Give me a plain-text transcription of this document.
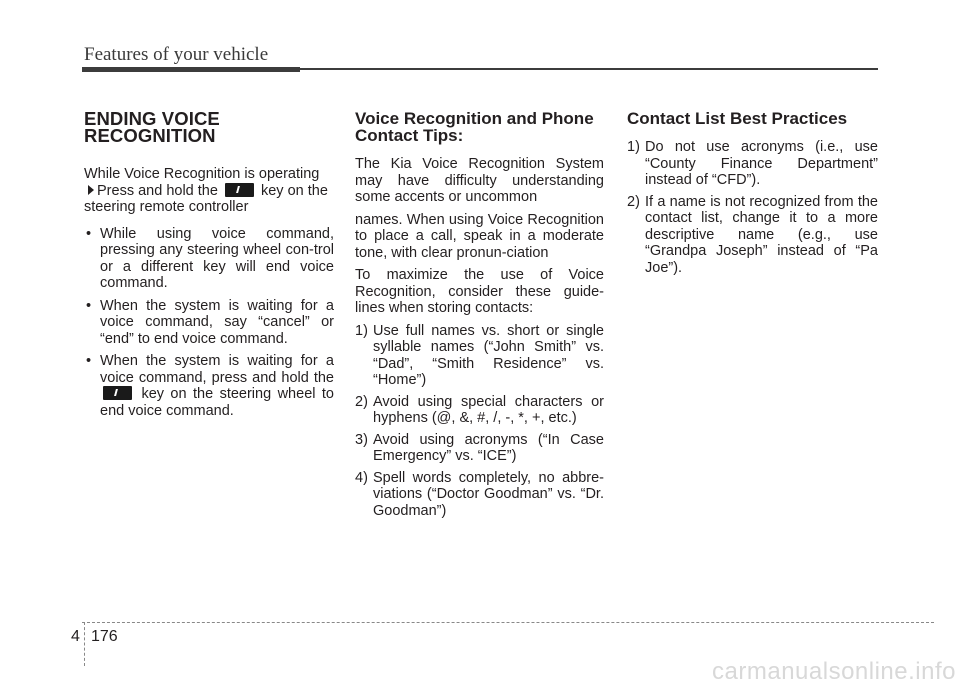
Features of your vehicle
ENDING VOICE
RECOGNITION

While Voice Recognition is operating

Press and hold the	key on the
steering remote controller

• While using voice command, pressing any steering wheel con-trol or a different key will end voice command.
• When the system is waiting for a voice command, say “cancel” or “end” to end voice command.
• When the system is waiting for a voice command, press and hold the  key on the steering wheel to end voice command.
Voice Recognition and Phone Contact Tips:

The Kia Voice Recognition System may have difficulty understanding some accents or uncommon

names. When using Voice Recognition to place a call, speak in a moderate tone, with clear pronun-ciation

To maximize the use of Voice Recognition, consider these guide-lines when storing contacts:

1) Use full names vs. short or single syllable names (“John Smith” vs. “Dad”, “Smith Residence” vs. “Home”)
2) Avoid using special characters or hyphens (@, &, #, /, -, *, +, etc.)
3) Avoid using acronyms (“In Case Emergency” vs. “ICE”)
4) Spell words completely, no abbre-viations (“Doctor Goodman” vs. “Dr. Goodman”)
Contact List Best Practices
1) Do not use acronyms (i.e., use “County Finance Department” instead of “CFD”).
2) If a name is not recognized from the contact list, change it to a more descriptive name (e.g., use “Grandpa Joseph” instead of “Pa Joe”).
4 176
carmanualsonline.info
